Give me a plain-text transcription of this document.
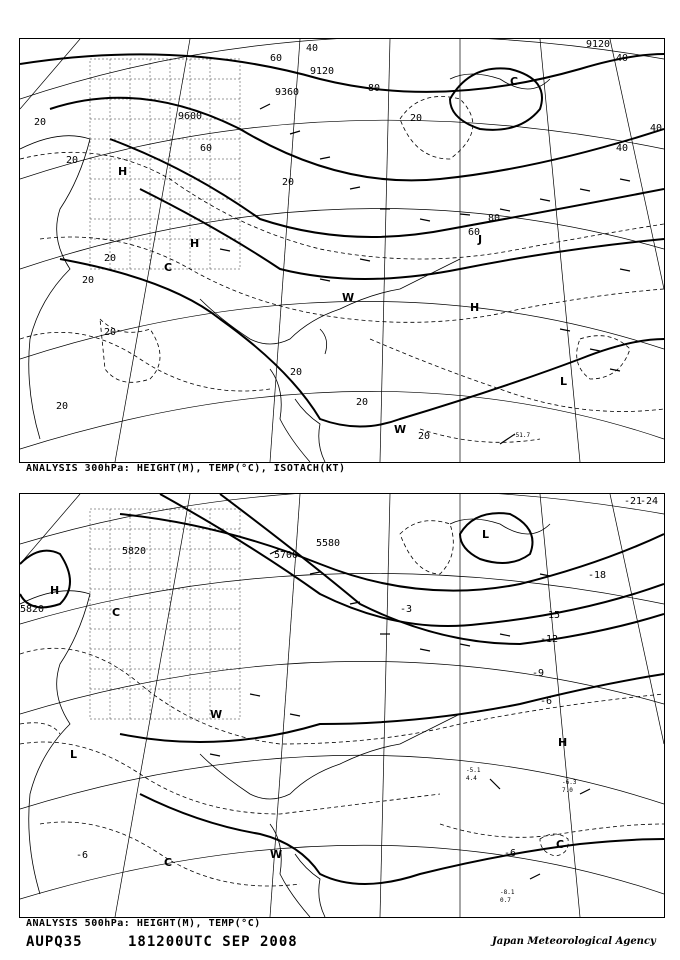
9600
9360
9120
9120
20
20
20
20
40
40
40
40
60
60
60
80
80
20
20
20
20
20
20
20
H
H
C
W
H
L
W
C
J
-51.7
ANALYSIS 300hPa: HEIGHT(M), TEMP(°C), ISOTACH(KT)
5820
5820	5700
5580
-15
-12
-9
-6
-18
-6	-6
-3
-21
-24
H
L
W
H
C
C
W
C
L
-5.1
4.4
-6.3
7.0
-8.1
0.7
ANALYSIS 500hPa: HEIGHT(M), TEMP(°C)
AUPQ35	181200UTC SEP 2008	Japan Meteorological Agency
